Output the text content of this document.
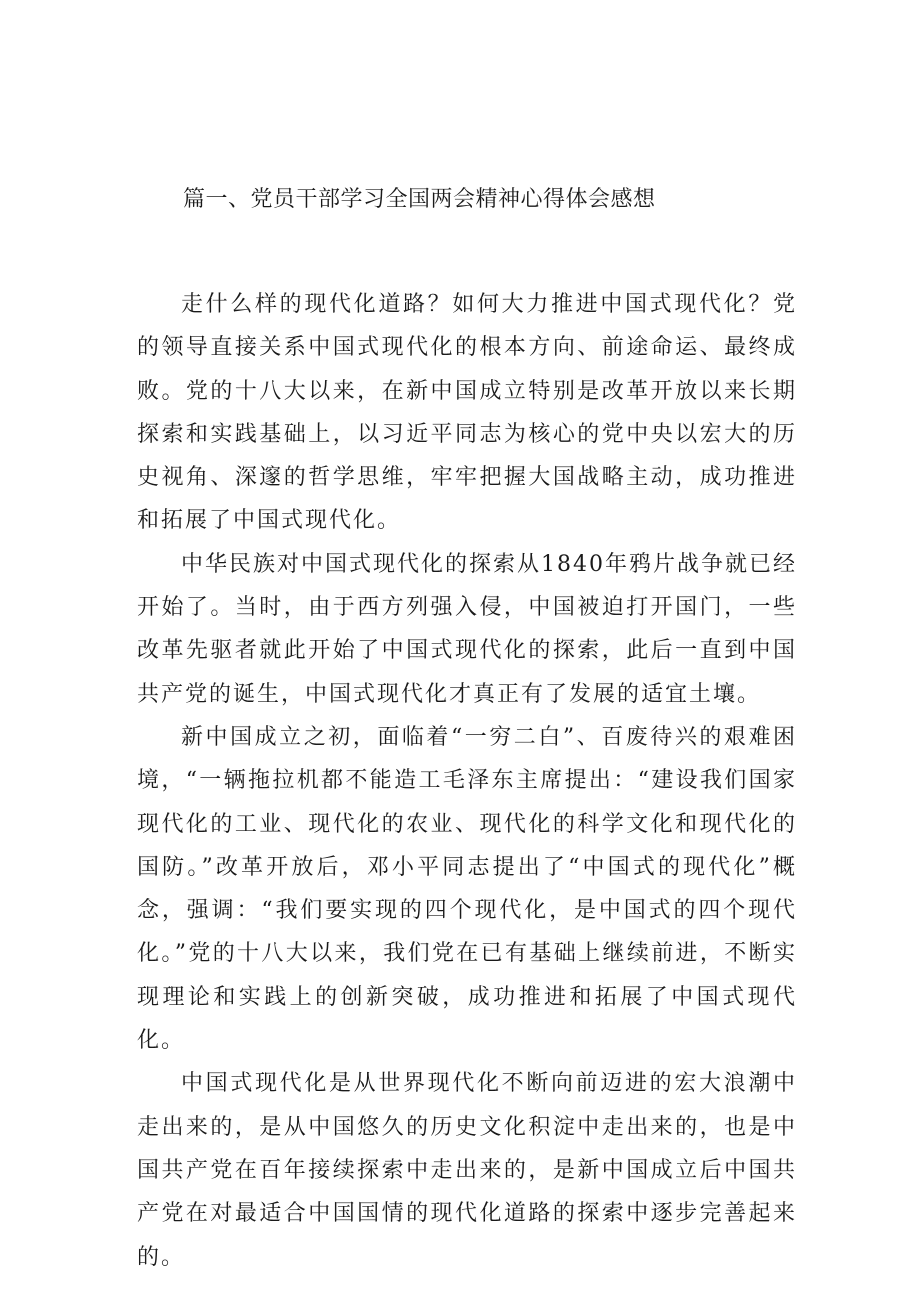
篇一、党员干部学习全国两会精神心得体会感想

走什么样的现代化道路？如何大力推进中国式现代化？党的领导直接关系中国式现代化的根本方向、前途命运、最终成败。党的十八大以来，在新中国成立特别是改革开放以来长期探索和实践基础上，以习近平同志为核心的党中央以宏大的历史视角、深邃的哲学思维，牢牢把握大国战略主动，成功推进和拓展了中国式现代化。

中华民族对中国式现代化的探索从1840年鸦片战争就已经开始了。当时，由于西方列强入侵，中国被迫打开国门，一些改革先驱者就此开始了中国式现代化的探索，此后一直到中国共产党的诞生，中国式现代化才真正有了发展的适宜土壤。

新中国成立之初，面临着“一穷二白”、百废待兴的艰难困境，“一辆拖拉机都不能造工毛泽东主席提出：“建设我们国家现代化的工业、现代化的农业、现代化的科学文化和现代化的国防。”改革开放后，邓小平同志提出了“中国式的现代化”概念，强调：“我们要实现的四个现代化，是中国式的四个现代化。”党的十八大以来，我们党在已有基础上继续前进，不断实现理论和实践上的创新突破，成功推进和拓展了中国式现代化。

中国式现代化是从世界现代化不断向前迈进的宏大浪潮中走出来的，是从中国悠久的历史文化积淀中走出来的，也是中国共产党在百年接续探索中走出来的，是新中国成立后中国共产党在对最适合中国国情的现代化道路的探索中逐步完善起来的。
